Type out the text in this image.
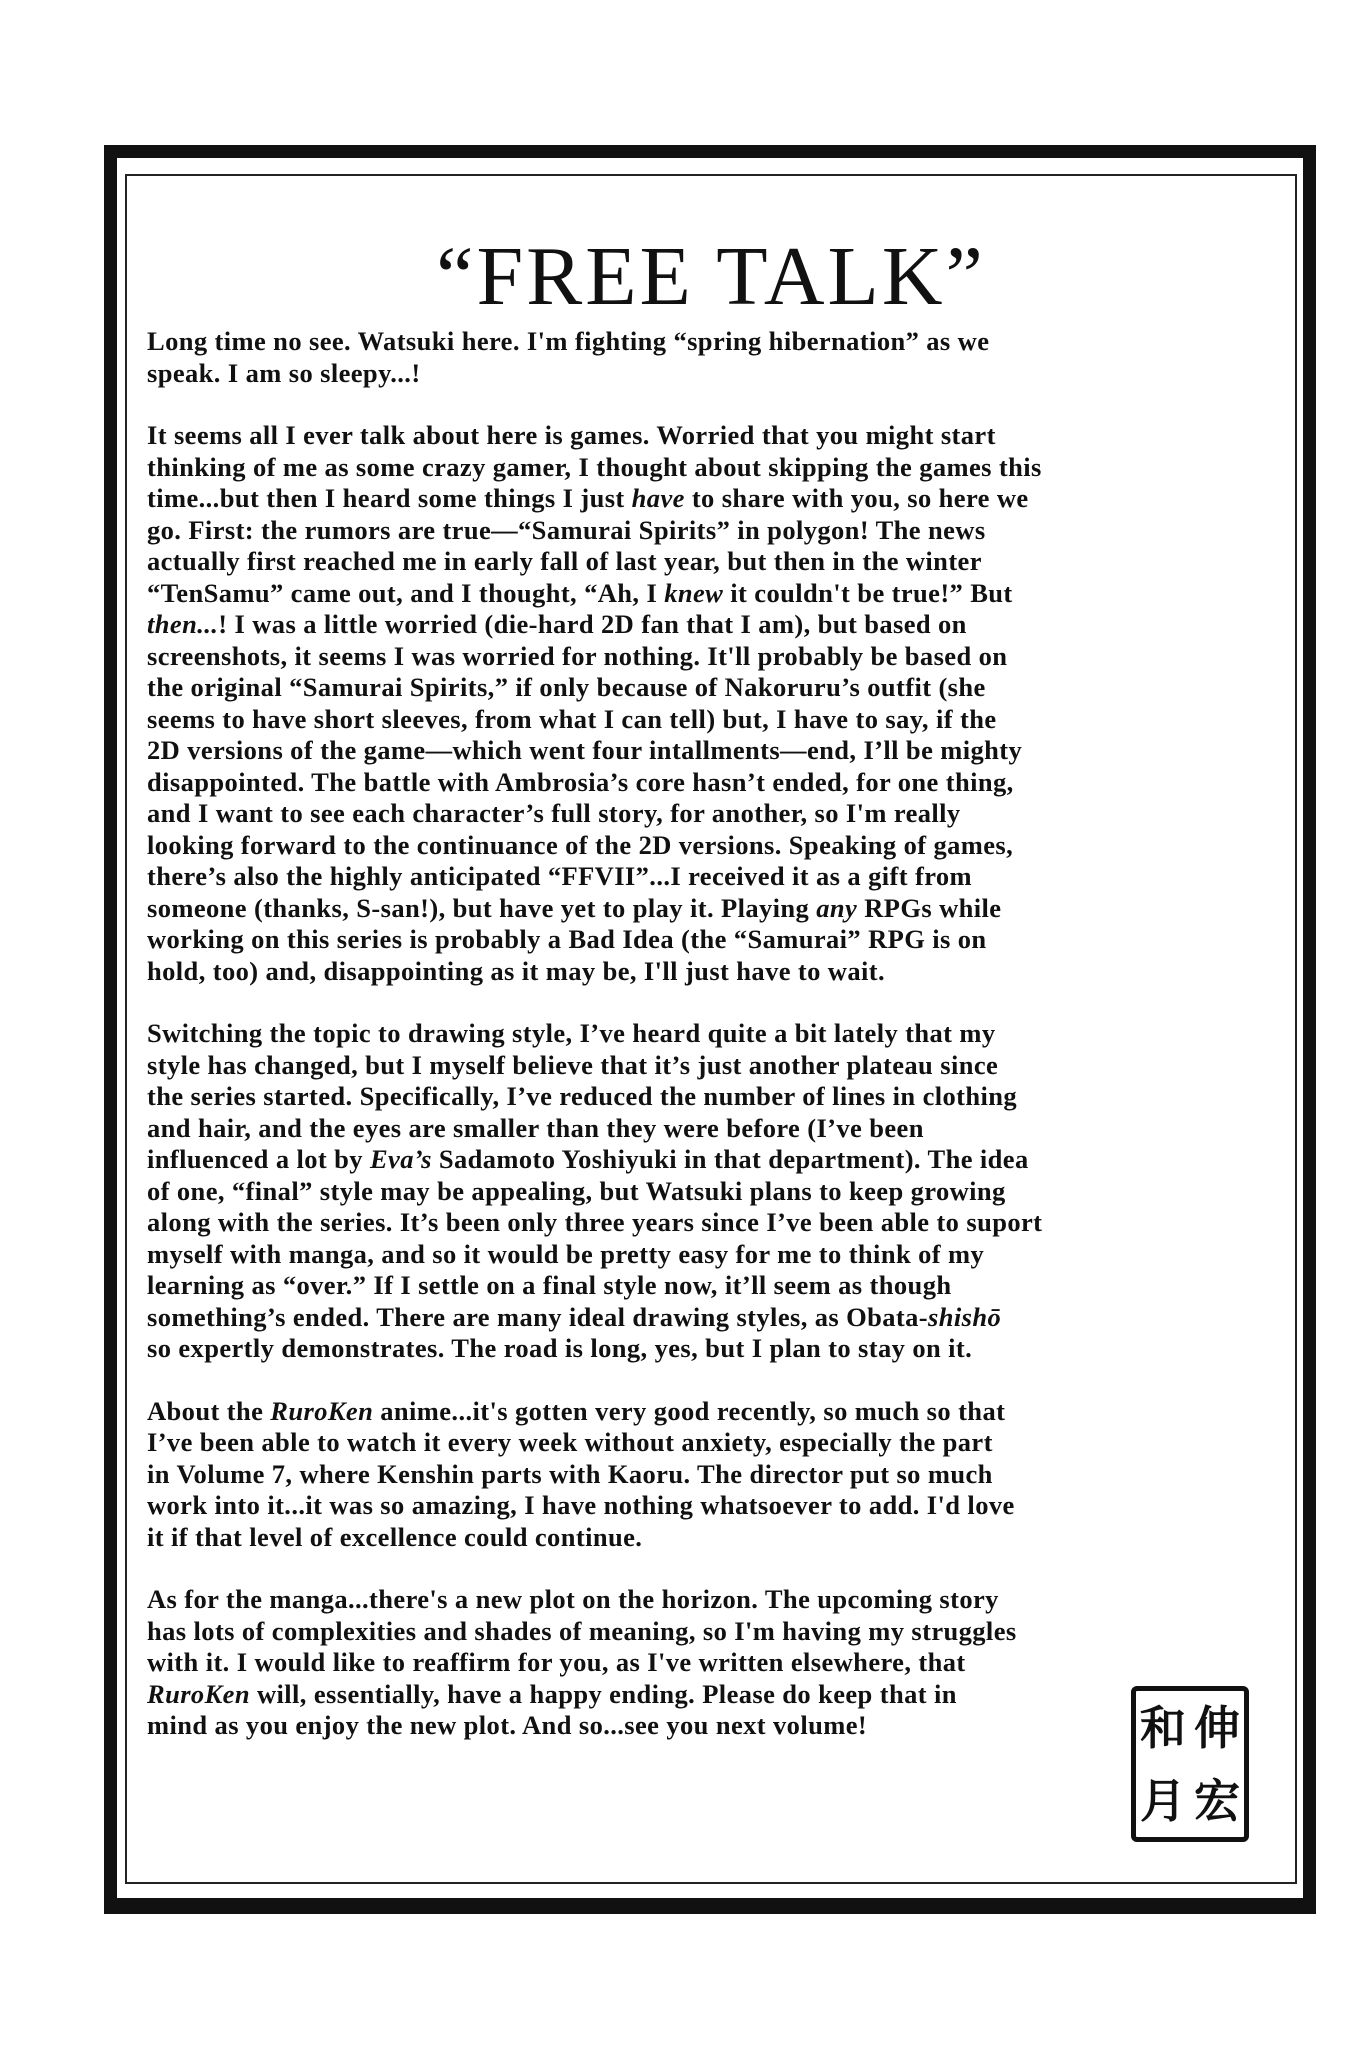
“FREE TALK”
Long time no see. Watsuki here. I'm fighting “spring hibernation” as we
speak. I am so sleepy...!
It seems all I ever talk about here is games. Worried that you might start
thinking of me as some crazy gamer, I thought about skipping the games this
time...but then I heard some things I just have to share with you, so here we
go. First: the rumors are true—“Samurai Spirits” in polygon! The news
actually first reached me in early fall of last year, but then in the winter
“TenSamu” came out, and I thought, “Ah, I knew it couldn't be true!” But
then...! I was a little worried (die-hard 2D fan that I am), but based on
screenshots, it seems I was worried for nothing. It'll probably be based on
the original “Samurai Spirits,” if only because of Nakoruru’s outfit (she
seems to have short sleeves, from what I can tell) but, I have to say, if the
2D versions of the game—which went four intallments—end, I’ll be mighty
disappointed. The battle with Ambrosia’s core hasn’t ended, for one thing,
and I want to see each character’s full story, for another, so I'm really
looking forward to the continuance of the 2D versions. Speaking of games,
there’s also the highly anticipated “FFVII”...I received it as a gift from
someone (thanks, S-san!), but have yet to play it. Playing any RPGs while
working on this series is probably a Bad Idea (the “Samurai” RPG is on
hold, too) and, disappointing as it may be, I'll just have to wait.
Switching the topic to drawing style, I’ve heard quite a bit lately that my
style has changed, but I myself believe that it’s just another plateau since
the series started. Specifically, I’ve reduced the number of lines in clothing
and hair, and the eyes are smaller than they were before (I’ve been
influenced a lot by Eva’s Sadamoto Yoshiyuki in that department). The idea
of one, “final” style may be appealing, but Watsuki plans to keep growing
along with the series. It’s been only three years since I’ve been able to suport
myself with manga, and so it would be pretty easy for me to think of my
learning as “over.” If I settle on a final style now, it’ll seem as though
something’s ended. There are many ideal drawing styles, as Obata-shishō
so expertly demonstrates. The road is long, yes, but I plan to stay on it.
About the RuroKen anime...it's gotten very good recently, so much so that
I’ve been able to watch it every week without anxiety, especially the part
in Volume 7, where Kenshin parts with Kaoru. The director put so much
work into it...it was so amazing, I have nothing whatsoever to add. I'd love
it if that level of excellence could continue.
As for the manga...there's a new plot on the horizon. The upcoming story
has lots of complexities and shades of meaning, so I'm having my struggles
with it. I would like to reaffirm for you, as I've written elsewhere, that
RuroKen will, essentially, have a happy ending. Please do keep that in
mind as you enjoy the new plot. And so...see you next volume!	伸
和
宏
月
